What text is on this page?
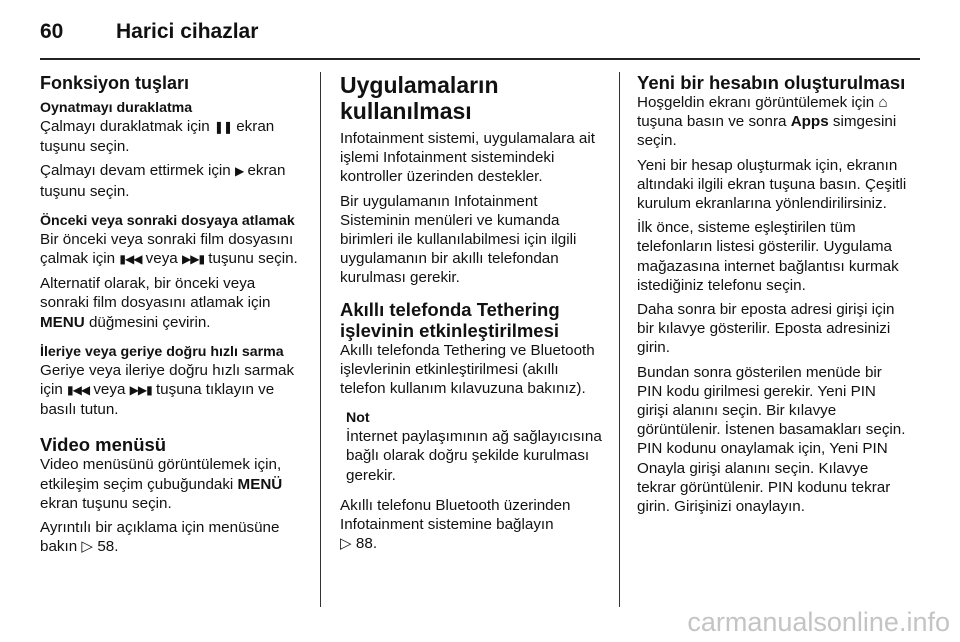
60	Harici cihazlar
Fonksiyon tuşları
Oynatmayı duraklatma

Çalmayı duraklatmak için ❚❚ ekran tuşunu seçin.

Çalmayı devam ettirmek için ▶ ekran tuşunu seçin.

Önceki veya sonraki dosyaya atlamak

Bir önceki veya sonraki film dosyasını çalmak için ▮◀◀ veya ▶▶▮ tuşunu seçin.

Alternatif olarak, bir önceki veya sonraki film dosyasını atlamak için MENU düğmesini çevirin.

İleriye veya geriye doğru hızlı sarma

Geriye veya ileriye doğru hızlı sarmak için ▮◀◀ veya ▶▶▮ tuşuna tıklayın ve basılı tutun.

Video menüsü

Video menüsünü görüntülemek için, etkileşim seçim çubuğundaki MENÜ ekran tuşunu seçin.

Ayrıntılı bir açıklama için menüsüne bakın ▷ 58.

Uygulamaların kullanılması

Infotainment sistemi, uygulamalara ait işlemi Infotainment sistemindeki kontroller üzerinden destekler.

Bir uygulamanın Infotainment Sisteminin menüleri ve kumanda birimleri ile kullanılabilmesi için ilgili uygulamanın bir akıllı telefondan kurulması gerekir.

Akıllı telefonda Tethering işlevinin etkinleştirilmesi

Akıllı telefonda Tethering ve Bluetooth işlevlerinin etkinleştirilmesi (akıllı telefon kullanım kılavuzuna bakınız).

Not

İnternet paylaşımının ağ sağlayıcısına bağlı olarak doğru şekilde kurulması gerekir.

Akıllı telefonu Bluetooth üzerinden Infotainment sistemine bağlayın
▷ 88.

Yeni bir hesabın oluşturulması

Hoşgeldin ekranı görüntülemek için ⌂ tuşuna basın ve sonra Apps simgesini seçin.

Yeni bir hesap oluşturmak için, ekranın altındaki ilgili ekran tuşuna basın. Çeşitli kurulum ekranlarına yönlendirilirsiniz.

İlk önce, sisteme eşleştirilen tüm telefonların listesi gösterilir. Uygulama mağazasına internet bağlantısı kurmak istediğiniz telefonu seçin.

Daha sonra bir eposta adresi girişi için bir kılavye gösterilir. Eposta adresinizi girin.

Bundan sonra gösterilen menüde bir PIN kodu girilmesi gerekir. Yeni PIN girişi alanını seçin. Bir kılavye görüntülenir. İstenen basamakları seçin. PIN kodunu onaylamak için, Yeni PIN Onayla girişi alanını seçin. Kılavye tekrar görüntülenir. PIN kodunu tekrar girin. Girişinizi onaylayın.

carmanualsonline.info
